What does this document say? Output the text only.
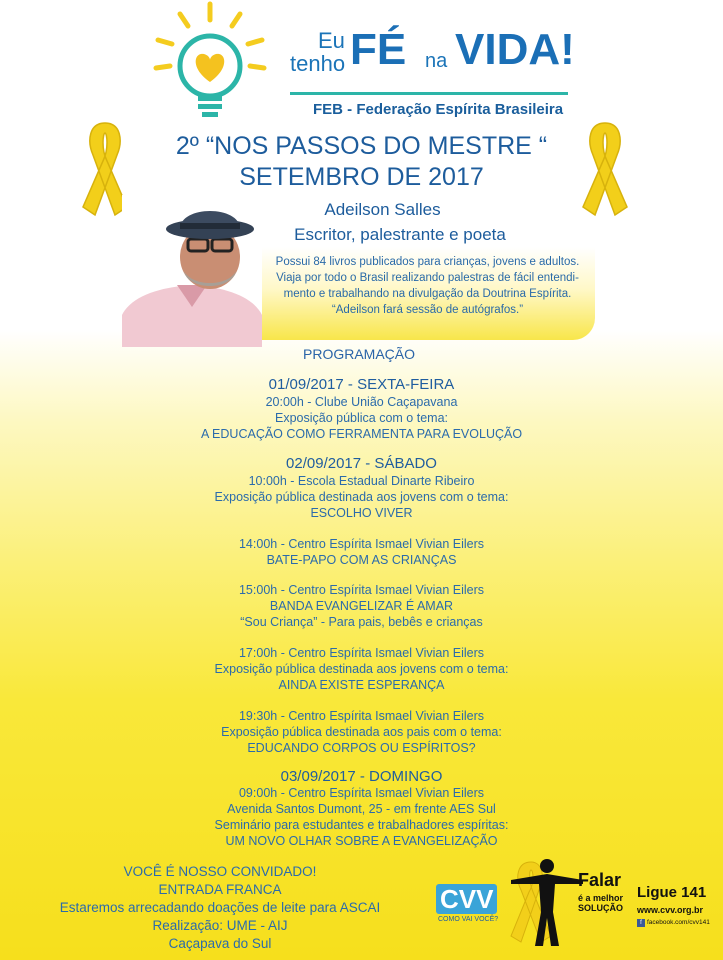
Eu
tenho FÉ na VIDA!
FEB - Federação Espírita Brasileira
2º “NOS PASSOS DO MESTRE “
SETEMBRO DE 2017
Adeilson Salles
Escritor, palestrante e poeta
Possui 84 livros publicados para crianças, jovens e adultos.
Viaja por todo o Brasil realizando palestras de fácil entendi-
mento e trabalhando na divulgação da Doutrina Espírita.
“Adeilson fará sessão de autógrafos.”
PROGRAMAÇÃO
01/09/2017 - SEXTA-FEIRA
20:00h - Clube União Caçapavana
Exposição pública com o tema:
A EDUCAÇÃO COMO FERRAMENTA PARA EVOLUÇÃO
02/09/2017 - SÁBADO
10:00h - Escola Estadual Dinarte Ribeiro
Exposição pública destinada aos jovens com o tema:
ESCOLHO VIVER
14:00h - Centro Espírita Ismael Vivian Eilers
BATE-PAPO COM AS CRIANÇAS
15:00h - Centro Espírita Ismael Vivian Eilers
BANDA EVANGELIZAR É AMAR
“Sou Criança” - Para pais, bebês e crianças
17:00h - Centro Espírita Ismael Vivian Eilers
Exposição pública destinada aos jovens com o tema:
AINDA EXISTE ESPERANÇA
19:30h - Centro Espírita Ismael Vivian Eilers
Exposição pública destinada aos pais com o tema:
EDUCANDO CORPOS OU ESPÍRITOS?
03/09/2017 - DOMINGO
09:00h - Centro Espírita Ismael Vivian Eilers
Avenida Santos Dumont, 25 - em frente AES Sul
Seminário para estudantes e trabalhadores espíritas:
UM NOVO OLHAR SOBRE A EVANGELIZAÇÃO
VOCÊ É NOSSO CONVIDADO!
ENTRADA FRANCA
Estaremos arrecadando doações de leite para ASCAI
Realização: UME - AIJ
Caçapava do Sul
CVV
COMO VAI VOCÊ?
Falar
é a melhor SOLUÇÃO
Ligue 141
www.cvv.org.br
f facebook.com/cvv141
